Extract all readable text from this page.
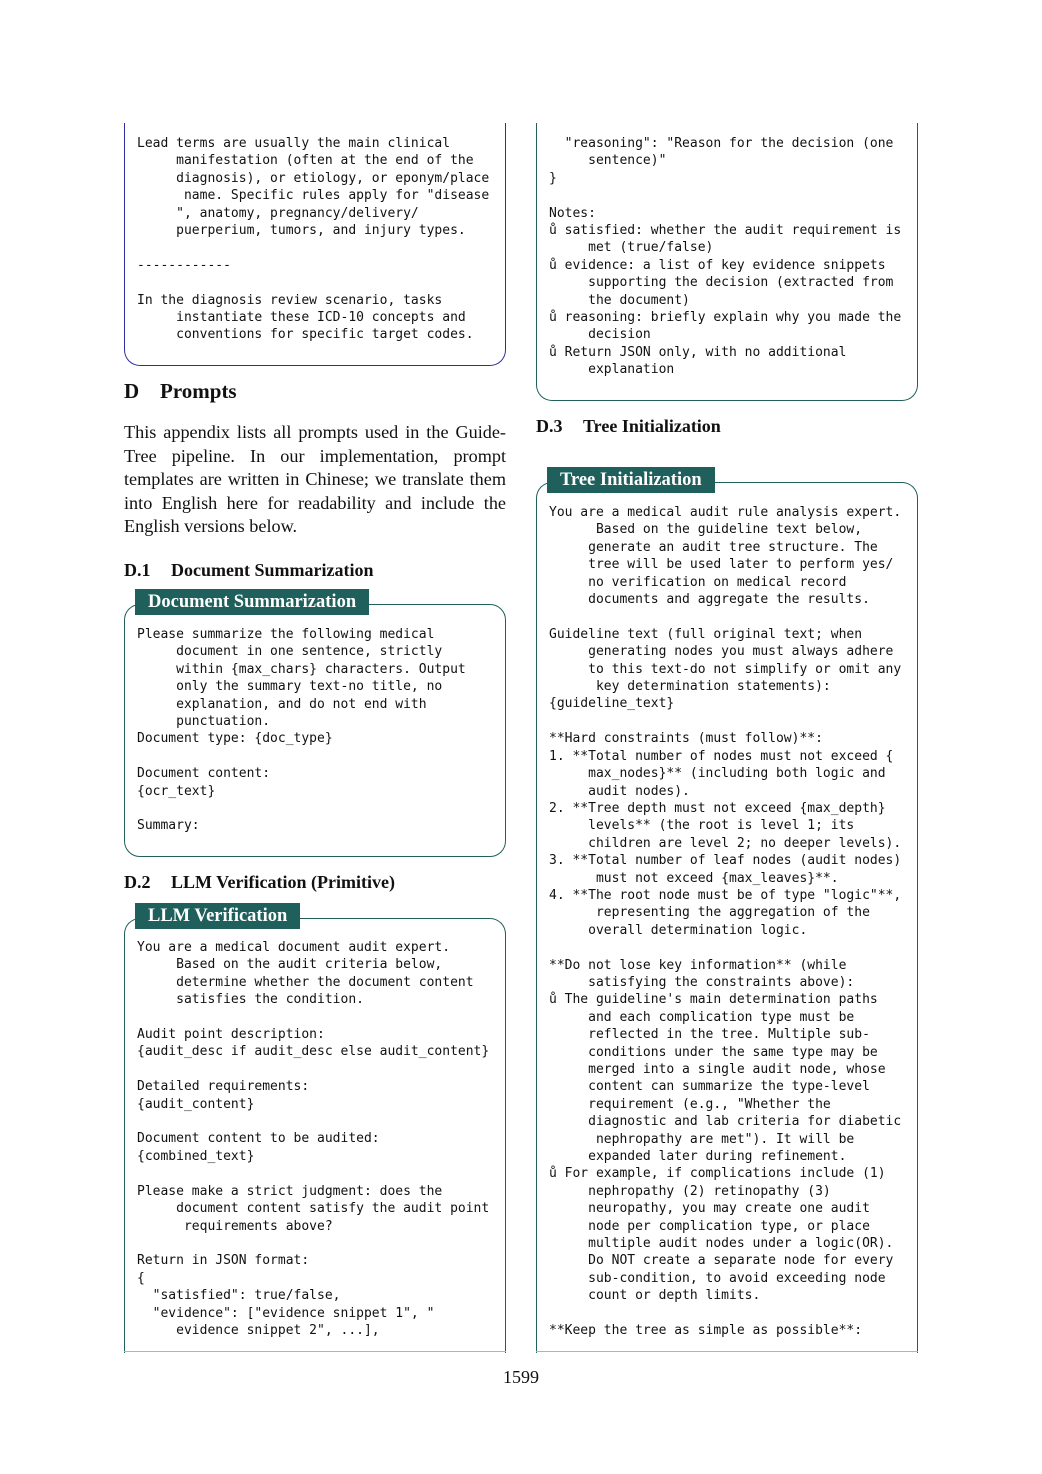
Lead terms are usually the main clinical
manifestation (often at the end of the
diagnosis), or etiology, or eponym/place
name. Specific rules apply for "disease
", anatomy, pregnancy/delivery/
puerperium, tumors, and injury types.

------------

In the diagnosis review scenario, tasks
instantiate these ICD-10 concepts and
conventions for specific target codes.
D Prompts

This appendix lists all prompts used in the Guide-Tree pipeline. In our implementation, prompt templates are written in Chinese; we translate them into English here for readability and include the English versions below.

D.1 Document Summarization
Please summarize the following medical
document in one sentence, strictly
within {max_chars} characters. Output
only the summary text-no title, no
explanation, and do not end with
punctuation.
Document type: {doc_type}

Document content:
{ocr_text}

Summary:
Document Summarization
D.2 LLM Verification (Primitive)
You are a medical document audit expert.
Based on the audit criteria below,
determine whether the document content
satisfies the condition.

Audit point description:
{audit_desc if audit_desc else audit_content}

Detailed requirements:
{audit_content}

Document content to be audited:
{combined_text}

Please make a strict judgment: does the
document content satisfy the audit point
requirements above?

Return in JSON format:
{
"satisfied": true/false,
"evidence": ["evidence snippet 1", "
evidence snippet 2", ...],
LLM Verification
"reasoning": "Reason for the decision (one
sentence)"
}

Notes:
ů satisfied: whether the audit requirement is
met (true/false)
ů evidence: a list of key evidence snippets
supporting the decision (extracted from
the document)
ů reasoning: briefly explain why you made the
decision
ů Return JSON only, with no additional
explanation
D.3 Tree Initialization
You are a medical audit rule analysis expert.
Based on the guideline text below,
generate an audit tree structure. The
tree will be used later to perform yes/
no verification on medical record
documents and aggregate the results.

Guideline text (full original text; when
generating nodes you must always adhere
to this text-do not simplify or omit any
key determination statements):
{guideline_text}

**Hard constraints (must follow)**:
1. **Total number of nodes must not exceed {
max_nodes}** (including both logic and
audit nodes).
2. **Tree depth must not exceed {max_depth}
levels** (the root is level 1; its
children are level 2; no deeper levels).
3. **Total number of leaf nodes (audit nodes)
must not exceed {max_leaves}**.
4. **The root node must be of type "logic"**,
representing the aggregation of the
overall determination logic.

**Do not lose key information** (while
satisfying the constraints above):
ů The guideline's main determination paths
and each complication type must be
reflected in the tree. Multiple sub-
conditions under the same type may be
merged into a single audit node, whose
content can summarize the type-level
requirement (e.g., "Whether the
diagnostic and lab criteria for diabetic
nephropathy are met"). It will be
expanded later during refinement.
ů For example, if complications include (1)
nephropathy (2) retinopathy (3)
neuropathy, you may create one audit
node per complication type, or place
multiple audit nodes under a logic(OR).
Do NOT create a separate node for every
sub-condition, to avoid exceeding node
count or depth limits.

**Keep the tree as simple as possible**:
Tree Initialization
1599
